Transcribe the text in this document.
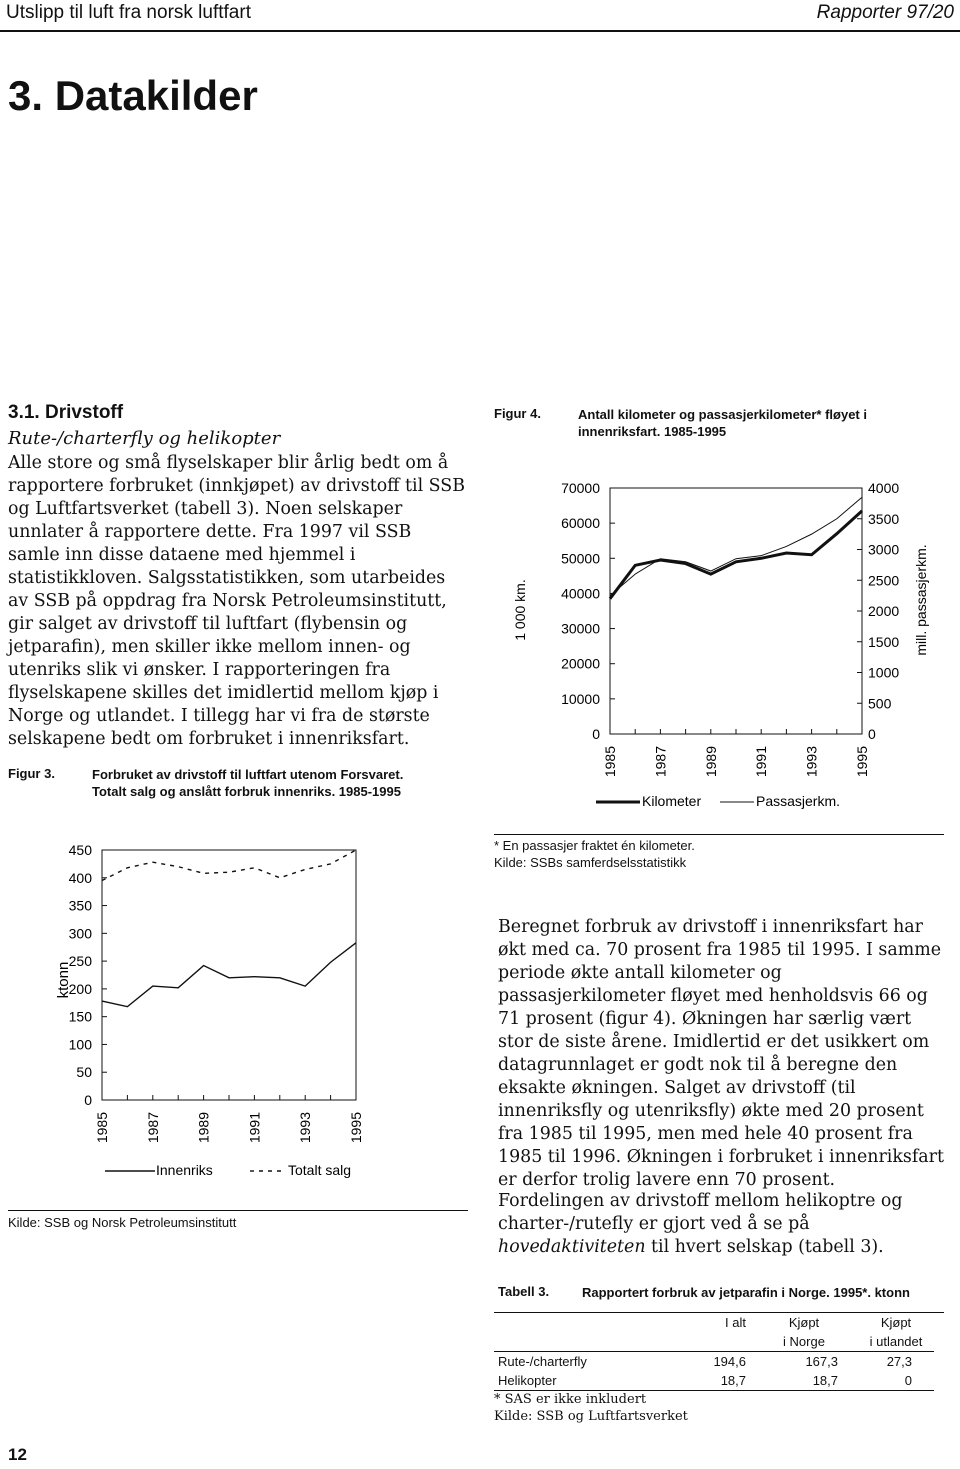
Utslipp til luft fra norsk luftfart	Rapporter 97/20
3. Datakilder
3.1. Drivstoff
Rute-/charterfly og helikopter

Alle store og små flyselskaper blir årlig bedt om å rapportere forbruket (innkjøpet) av drivstoff til SSB og Luftfartsverket (tabell 3). Noen selskaper unnlater å rapportere dette. Fra 1997 vil SSB samle inn disse dataene med hjemmel i statistikkloven. Salgsstatistikken, som utarbeides av SSB på oppdrag fra Norsk Petroleumsinstitutt, gir salget av drivstoff til luftfart (flybensin og jetparafin), men skiller ikke mellom innen- og utenriks slik vi ønsker. I rapporteringen fra flyselskapene skilles det imidlertid mellom kjøp i Norge og utlandet. I tillegg har vi fra de største selskapene bedt om forbruket i innenriksfart.

Figur 3.	Forbruket av drivstoff til luftfart utenom Forsvaret.
Totalt salg og anslått forbruk innenriks. 1985-1995
0
50
100
150
200
250
300
350
400
450
1985 1987 1989 1991 1993 1995
ktonn
Innenriks	Totalt salg
Kilde: SSB og Norsk Petroleumsinstitutt
Figur 4.	Antall kilometer og passasjerkilometer* fløyet i
innenriksfart. 1985-1995
0
10000
20000
30000
40000
50000
60000
70000
0
500
1000
1500
2000
2500
3000
3500
4000
1985 1987 1989 1991 1993 1995
1 000 km.	mill. passasjerkm.
Kilometer	Passasjerkm.
* En passasjer fraktet én kilometer.
Kilde: SSBs samferdselsstatistikk

Beregnet forbruk av drivstoff i innenriksfart har økt med ca. 70 prosent fra 1985 til 1995. I samme periode økte antall kilometer og passasjerkilometer fløyet med henholdsvis 66 og 71 prosent (figur 4). Økningen har særlig vært stor de siste årene. Imidlertid er det usikkert om datagrunnlaget er godt nok til å beregne den eksakte økningen. Salget av drivstoff (til innenriksfly og utenriksfly) økte med 20 prosent fra 1985 til 1995, men med hele 40 prosent fra 1985 til 1996. Økningen i forbruket i innenriksfart er derfor trolig lavere enn 70 prosent.

Fordelingen av drivstoff mellom helikoptre og charter-/rutefly er gjort ved å se på hovedaktiviteten til hvert selskap (tabell 3).

Tabell 3.	Rapportert forbruk av jetparafin i Norge. 1995*. ktonn
	I alt	Kjøpt	Kjøpt
		i Norge	i utlandet
Rute-/charterfly	194,6	167,3	27,3
Helikopter	18,7	18,7	0
* SAS er ikke inkludert
Kilde: SSB og Luftfartsverket
12
